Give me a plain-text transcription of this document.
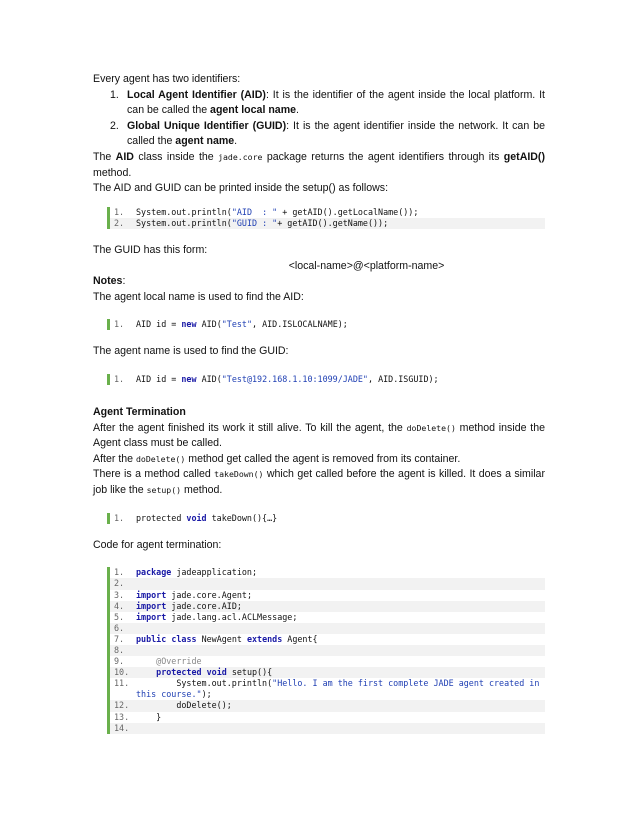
Every agent has two identifiers:

1. Local Agent Identifier (AID): It is the identifier of the agent inside the local platform. It can be called the agent local name.
2. Global Unique Identifier (GUID): It is the agent identifier inside the network. It can be called the agent name.

The AID class inside the jade.core package returns the agent identifiers through its getAID() method.

The AID and GUID can be printed inside the setup() as follows:

1.	System.out.println("AID  : " + getAID().getLocalName());
2.	System.out.println("GUID : "+ getAID().getName());

The GUID has this form:

<local-name>@<platform-name>

Notes:

The agent local name is used to find the AID:

1.	AID id = new AID("Test", AID.ISLOCALNAME);

The agent name is used to find the GUID:

1.	AID id = new AID("Test@192.168.1.10:1099/JADE", AID.ISGUID);

Agent Termination

After the agent finished its work it still alive. To kill the agent, the doDelete() method inside the Agent class must be called.

After the doDelete() method get called the agent is removed from its container.

There is a method called takeDown() which get called before the agent is killed. It does a similar job like the setup() method.

1.	protected void takeDown(){…}

Code for agent termination:

1.	package jadeapplication;
2.
3.	import jade.core.Agent;
4.	import jade.core.AID;
5.	import jade.lang.acl.ACLMessage;
6.
7.	public class NewAgent extends Agent{
8.
9.	@Override
10.	protected void setup(){
11. System.out.println("Hello. I am the first complete JADE agent created in this course.");
12. doDelete();
13. }
14.
